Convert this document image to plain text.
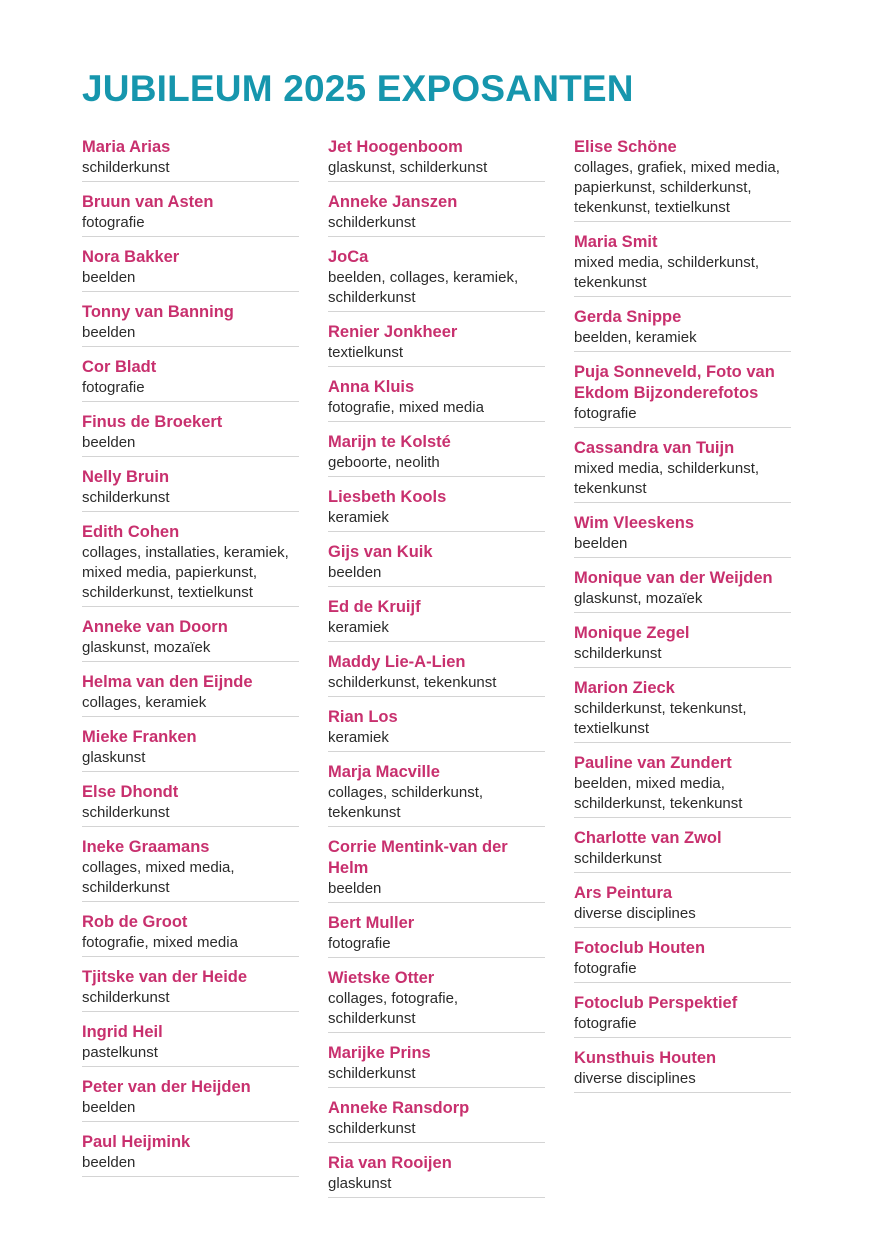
JUBILEUM 2025 EXPOSANTEN
Maria Arias
schilderkunst
Bruun van Asten
fotografie
Nora Bakker
beelden
Tonny van Banning
beelden
Cor Bladt
fotografie
Finus de Broekert
beelden
Nelly Bruin
schilderkunst
Edith Cohen
collages, installaties, keramiek, mixed media, papierkunst, schilderkunst, textielkunst
Anneke van Doorn
glaskunst, mozaïek
Helma van den Eijnde
collages, keramiek
Mieke Franken
glaskunst
Else Dhondt
schilderkunst
Ineke Graamans
collages, mixed media, schilderkunst
Rob de Groot
fotografie, mixed media
Tjitske van der Heide
schilderkunst
Ingrid Heil
pastelkunst
Peter van der Heijden
beelden
Paul Heijmink
beelden
Jet Hoogenboom
glaskunst, schilderkunst
Anneke Janszen
schilderkunst
JoCa
beelden, collages, keramiek, schilderkunst
Renier Jonkheer
textielkunst
Anna Kluis
fotografie, mixed media
Marijn te Kolsté
geboorte, neolith
Liesbeth Kools
keramiek
Gijs van Kuik
beelden
Ed de Kruijf
keramiek
Maddy Lie-A-Lien
schilderkunst, tekenkunst
Rian Los
keramiek
Marja Macville
collages, schilderkunst, tekenkunst
Corrie Mentink-van der Helm
beelden
Bert Muller
fotografie
Wietske Otter
collages, fotografie, schilderkunst
Marijke Prins
schilderkunst
Anneke Ransdorp
schilderkunst
Ria van Rooijen
glaskunst
Elise Schöne
collages, grafiek, mixed media, papierkunst, schilderkunst, tekenkunst, textielkunst
Maria Smit
mixed media, schilderkunst, tekenkunst
Gerda Snippe
beelden, keramiek
Puja Sonneveld, Foto van Ekdom Bijzonderefotos
fotografie
Cassandra van Tuijn
mixed media, schilderkunst, tekenkunst
Wim Vleeskens
beelden
Monique van der Weijden
glaskunst, mozaïek
Monique Zegel
schilderkunst
Marion Zieck
schilderkunst, tekenkunst, textielkunst
Pauline van Zundert
beelden, mixed media, schilderkunst, tekenkunst
Charlotte van Zwol
schilderkunst
Ars Peintura
diverse disciplines
Fotoclub Houten
fotografie
Fotoclub Perspektief
fotografie
Kunsthuis Houten
diverse disciplines
